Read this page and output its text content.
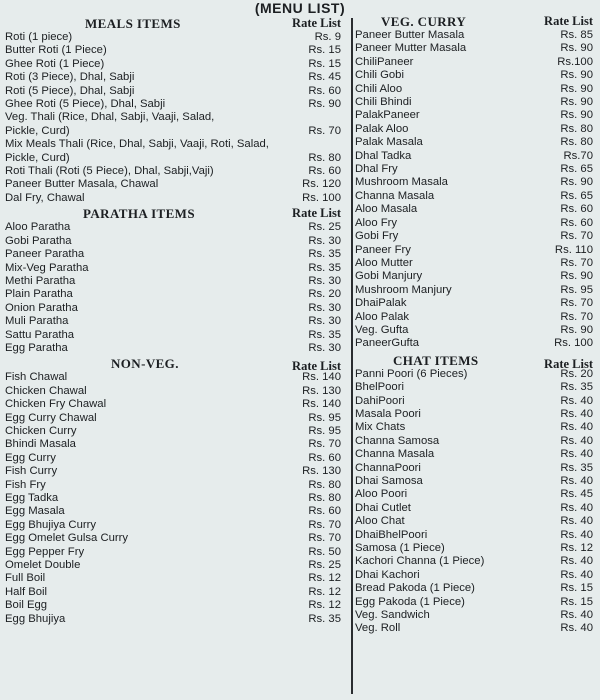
(MENU LIST)
MEALS ITEMS	Rate List
Roti (1 piece)	Rs. 9
Butter Roti (1 Piece)	Rs. 15
Ghee Roti (1 Piece)	Rs. 15
Roti (3 Piece), Dhal, Sabji	Rs. 45
Roti (5 Piece), Dhal, Sabji	Rs. 60
Ghee Roti (5 Piece), Dhal, Sabji	Rs. 90
Veg. Thali (Rice, Dhal, Sabji, Vaaji, Salad, Pickle, Curd)	Rs. 70
Mix Meals Thali (Rice, Dhal, Sabji, Vaaji, Roti, Salad, Pickle, Curd)	Rs. 80
Roti Thali (Roti (5 Piece), Dhal, Sabji,Vaji)	Rs. 60
Paneer Butter Masala, Chawal	Rs. 120
Dal Fry, Chawal	Rs. 100
PARATHA ITEMS	Rate List
Aloo Paratha	Rs. 25
Gobi Paratha	Rs. 30
Paneer Paratha	Rs. 35
Mix-Veg Paratha	Rs. 35
Methi Paratha	Rs. 30
Plain Paratha	Rs. 20
Onion Paratha	Rs. 30
Muli Paratha	Rs. 30
Sattu Paratha	Rs. 35
Egg Paratha	Rs. 30
NON-VEG.	Rate List
Fish Chawal	Rs. 140
Chicken Chawal	Rs. 130
Chicken Fry Chawal	Rs. 140
Egg Curry Chawal	Rs. 95
Chicken Curry	Rs. 95
Bhindi Masala	Rs. 70
Egg Curry	Rs. 60
Fish Curry	Rs. 130
Fish Fry	Rs. 80
Egg Tadka	Rs. 80
Egg Masala	Rs. 60
Egg Bhujiya Curry	Rs. 70
Egg Omelet Gulsa Curry	Rs. 70
Egg Pepper Fry	Rs. 50
Omelet Double	Rs. 25
Full Boil	Rs. 12
Half Boil	Rs. 12
Boil Egg	Rs. 12
Egg Bhujiya	Rs. 35
VEG. CURRY	Rate List
Paneer Butter Masala	Rs. 85
Paneer Mutter Masala	Rs. 90
ChiliPaneer	Rs.100
Chili Gobi	Rs. 90
Chili Aloo	Rs. 90
Chili Bhindi	Rs. 90
PalakPaneer	Rs. 90
Palak Aloo	Rs. 80
Palak Masala	Rs. 80
Dhal Tadka	Rs.70
Dhal Fry	Rs. 65
Mushroom Masala	Rs. 90
Channa Masala	Rs. 65
Aloo Masala	Rs. 60
Aloo Fry	Rs. 60
Gobi Fry	Rs. 70
Paneer Fry	Rs. 110
Aloo Mutter	Rs. 70
Gobi Manjury	Rs. 90
Mushroom Manjury	Rs. 95
DhaiPalak	Rs. 70
Aloo Palak	Rs. 70
Veg. Gufta	Rs. 90
PaneerGufta	Rs. 100
CHAT ITEMS	Rate List
Panni Poori (6 Pieces)	Rs. 20
BhelPoori	Rs. 35
DahiPoori	Rs. 40
Masala Poori	Rs. 40
Mix Chats	Rs. 40
Channa Samosa	Rs. 40
Channa Masala	Rs. 40
ChannaPoori	Rs. 35
Dhai Samosa	Rs. 40
Aloo Poori	Rs. 45
Dhai Cutlet	Rs. 40
Aloo Chat	Rs. 40
DhaiBhelPoori	Rs. 40
Samosa (1 Piece)	Rs. 12
Kachori Channa (1 Piece)	Rs. 40
Dhai Kachori	Rs. 40
Bread Pakoda (1 Piece)	Rs. 15
Egg Pakoda (1 Piece)	Rs. 15
Veg. Sandwich	Rs. 40
Veg. Roll	Rs. 40
